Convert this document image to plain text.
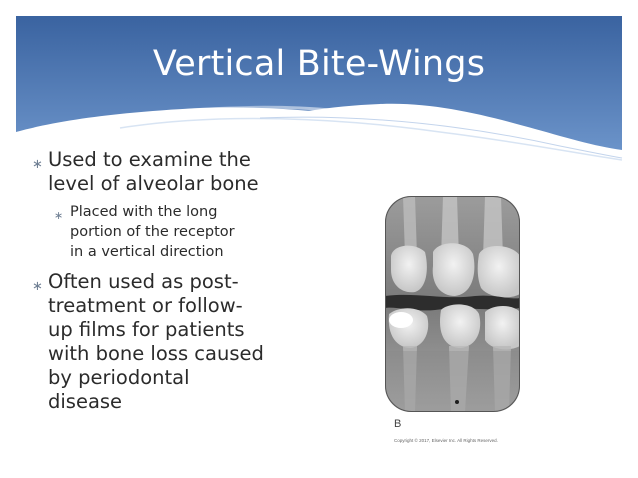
Vertical Bite-Wings
∗ Used to examine the
level of alveolar bone
∗ Placed with the long
portion of the receptor
in a vertical direction
∗ Often used as post-
treatment or follow-
up films for patients
with bone loss caused
by periodontal
disease
B
Copyright © 2017, Elsevier Inc. All Rights Reserved.
